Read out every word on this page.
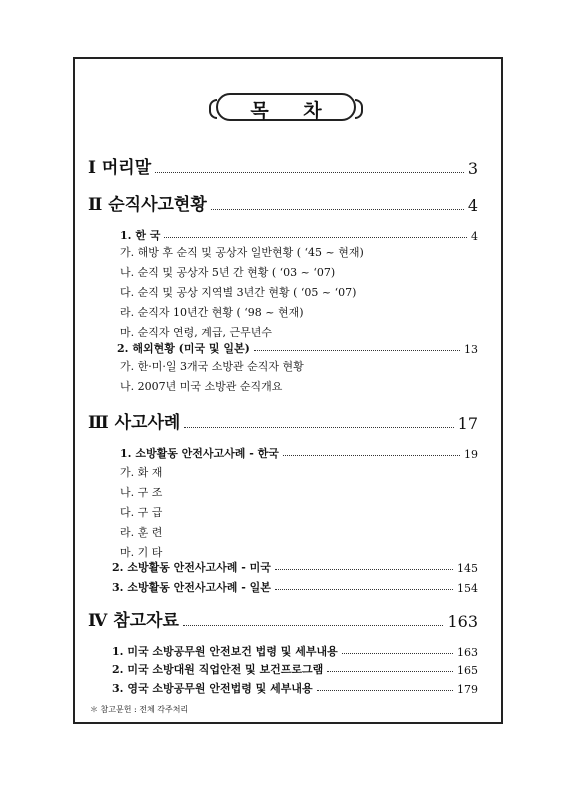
목 차
Ⅰ 머리말	3
Ⅱ 순직사고현황	4
1. 한 국	4
가. 해방 후 순직 및 공상자 일반현황 ( ‘45 ~ 현재)
나. 순직 및 공상자 5년 간 현황 ( ‘03 ~ ‘07)
다. 순직 및 공상 지역별 3년간 현황 ( ‘05 ~ ‘07)
라. 순직자 10년간 현황 ( ‘98 ~ 현재)
마. 순직자 연령, 계급, 근무년수
2. 해외현황 (미국 및 일본)	13
가. 한·미·일 3개국 소방관 순직자 현황
나. 2007년 미국 소방관 순직개요
Ⅲ 사고사례	17
1. 소방활동 안전사고사례 - 한국	19
가. 화 재
나. 구 조
다. 구 급
라. 훈 련
마. 기 타
2. 소방활동 안전사고사례 - 미국	145
3. 소방활동 안전사고사례 - 일본	154
Ⅳ 참고자료	163
1. 미국 소방공무원 안전보건 법령 및 세부내용	163
2. 미국 소방대원 직업안전 및 보건프로그램	165
3. 영국 소방공무원 안전법령 및 세부내용	179
＊ 참고문헌 : 전체 각주처리
